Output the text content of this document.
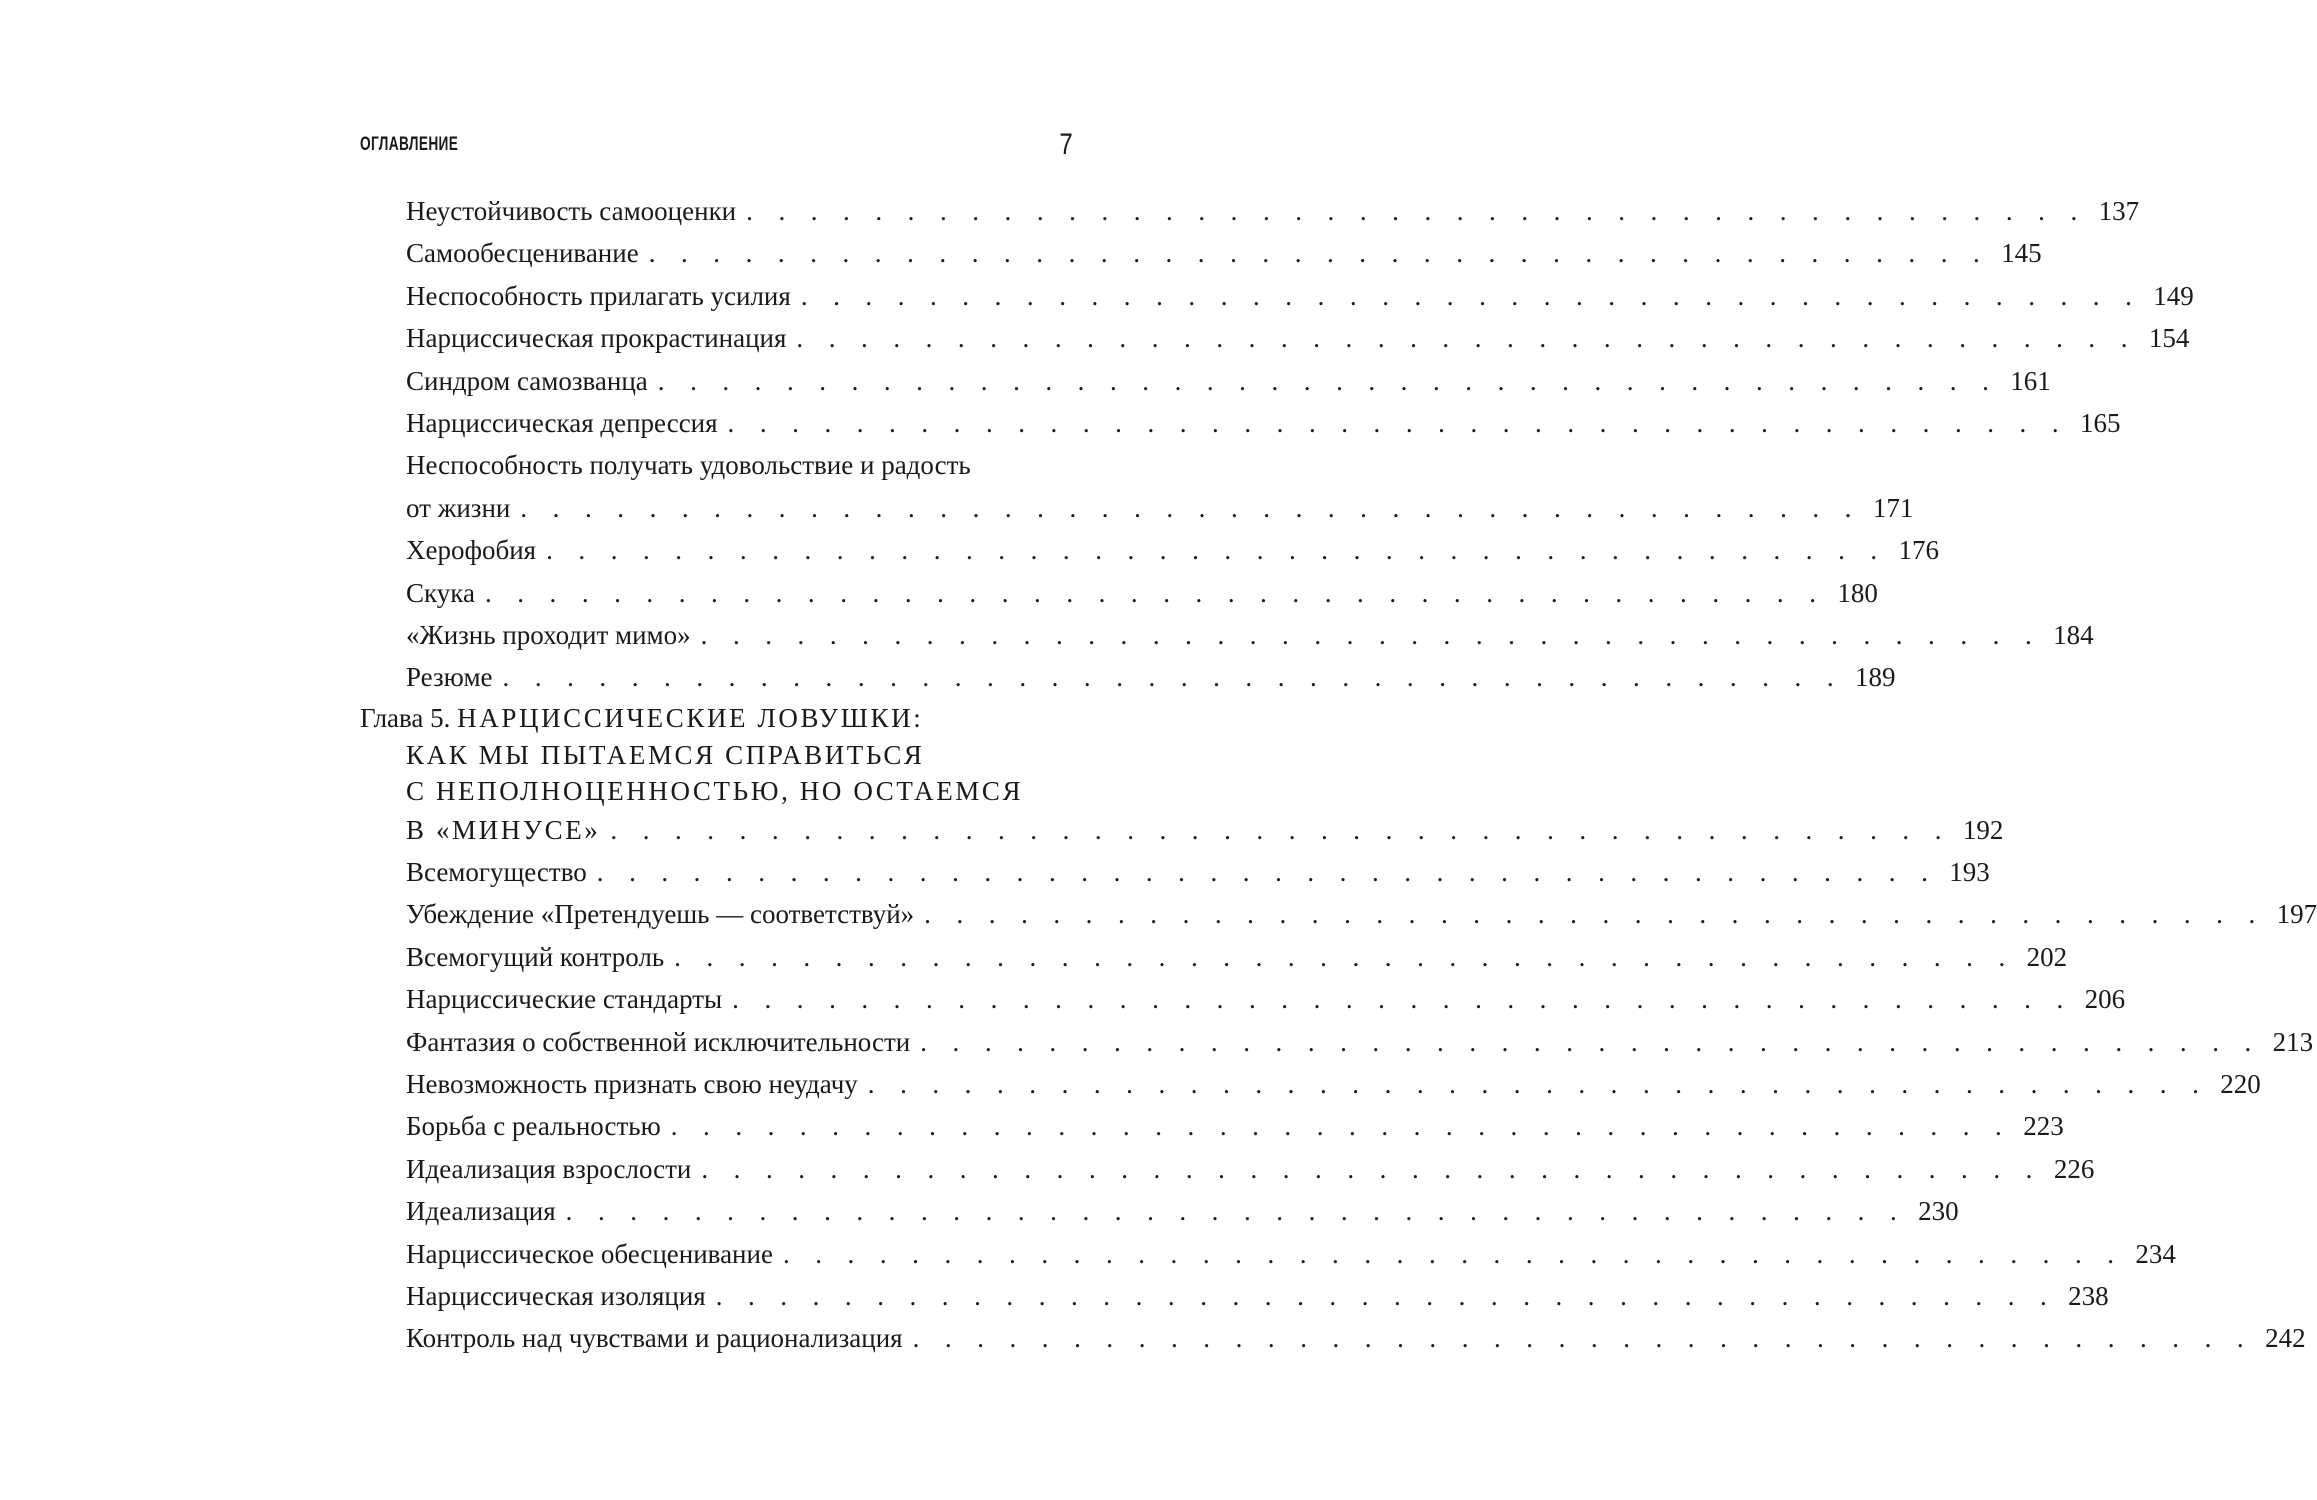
ОГЛАВЛЕНИЕ	7
Неустойчивость самооценки . . . . . . . . . . . . . . . . . . . . . . . . . . . . . . . . . . . . . . . . . . 137
Самообесценивание . . . . . . . . . . . . . . . . . . . . . . . . . . . . . . . . . . . . . . . . . . 145
Неспособность прилагать усилия . . . . . . . . . . . . . . . . . . . . . . . . . . . . . . . . . . . . . . . . . . 149
Нарциссическая прокрастинация . . . . . . . . . . . . . . . . . . . . . . . . . . . . . . . . . . . . . . . . . . 154
Синдром самозванца . . . . . . . . . . . . . . . . . . . . . . . . . . . . . . . . . . . . . . . . . . 161
Нарциссическая депрессия . . . . . . . . . . . . . . . . . . . . . . . . . . . . . . . . . . . . . . . . . . 165
Неспособность получать удовольствие и радость
от жизни . . . . . . . . . . . . . . . . . . . . . . . . . . . . . . . . . . . . . . . . . . 171
Херофобия . . . . . . . . . . . . . . . . . . . . . . . . . . . . . . . . . . . . . . . . . . 176
Скука . . . . . . . . . . . . . . . . . . . . . . . . . . . . . . . . . . . . . . . . . . 180
«Жизнь проходит мимо» . . . . . . . . . . . . . . . . . . . . . . . . . . . . . . . . . . . . . . . . . . 184
Резюме . . . . . . . . . . . . . . . . . . . . . . . . . . . . . . . . . . . . . . . . . . 189
Глава 5. НАРЦИССИЧЕСКИЕ ЛОВУШКИ:
КАК МЫ ПЫТАЕМСЯ СПРАВИТЬСЯ
С НЕПОЛНОЦЕННОСТЬЮ, НО ОСТАЕМСЯ
В «МИНУСЕ» . . . . . . . . . . . . . . . . . . . . . . . . . . . . . . . . . . . . . . . . . . 192
Всемогущество . . . . . . . . . . . . . . . . . . . . . . . . . . . . . . . . . . . . . . . . . . 193
Убеждение «Претендуешь — соответствуй» . . . . . . . . . . . . . . . . . . . . . . . . . . . . . . . . . . . . . . . . . . 197
Всемогущий контроль . . . . . . . . . . . . . . . . . . . . . . . . . . . . . . . . . . . . . . . . . . 202
Нарциссические стандарты . . . . . . . . . . . . . . . . . . . . . . . . . . . . . . . . . . . . . . . . . . 206
Фантазия о собственной исключительности . . . . . . . . . . . . . . . . . . . . . . . . . . . . . . . . . . . . . . . . . . 213
Невозможность признать свою неудачу . . . . . . . . . . . . . . . . . . . . . . . . . . . . . . . . . . . . . . . . . . 220
Борьба с реальностью . . . . . . . . . . . . . . . . . . . . . . . . . . . . . . . . . . . . . . . . . . 223
Идеализация взрослости . . . . . . . . . . . . . . . . . . . . . . . . . . . . . . . . . . . . . . . . . . 226
Идеализация . . . . . . . . . . . . . . . . . . . . . . . . . . . . . . . . . . . . . . . . . . 230
Нарциссическое обесценивание . . . . . . . . . . . . . . . . . . . . . . . . . . . . . . . . . . . . . . . . . . 234
Нарциссическая изоляция . . . . . . . . . . . . . . . . . . . . . . . . . . . . . . . . . . . . . . . . . . 238
Контроль над чувствами и рационализация . . . . . . . . . . . . . . . . . . . . . . . . . . . . . . . . . . . . . . . . . . 242
